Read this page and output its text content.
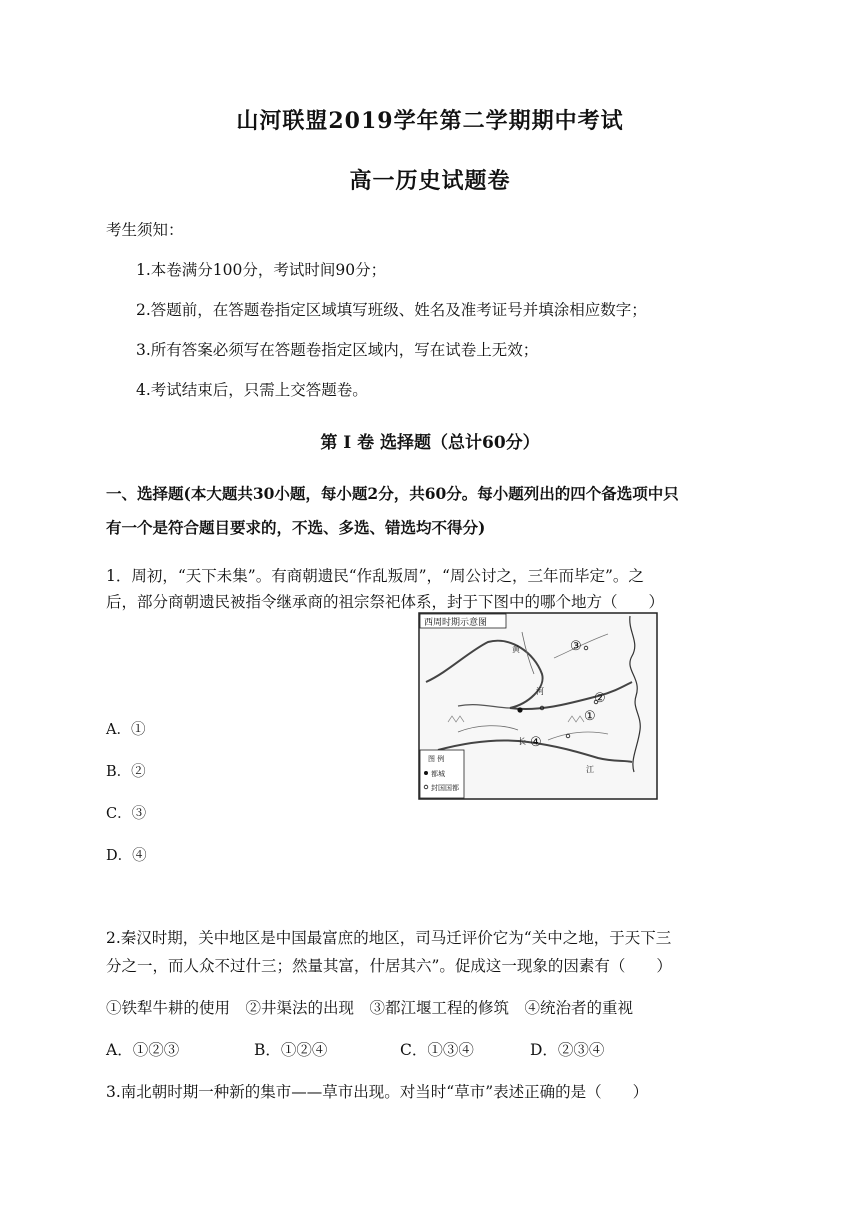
山河联盟2019学年第二学期期中考试
高一历史试题卷
考生须知：
1.本卷满分100分，考试时间90分；
2.答题前，在答题卷指定区域填写班级、姓名及准考证号并填涂相应数字；
3.所有答案必须写在答题卷指定区域内，写在试卷上无效；
4.考试结束后，只需上交答题卷。
第 I 卷 选择题（总计60分）
一、选择题(本大题共30小题，每小题2分，共60分。每小题列出的四个备选项中只
有一个是符合题目要求的，不选、多选、错选均不得分)
1．周初，“天下未集”。有商朝遗民“作乱叛周”，“周公讨之，三年而毕定”。之
后，部分商朝遗民被指令继承商的祖宗祭祀体系，封于下图中的哪个地方（　　）
西周时期示意图
黄
河
长
江
①
②
③
④
图 例
都城
封国国都
A．①
B．②
C．③
D．④
2.秦汉时期，关中地区是中国最富庶的地区，司马迁评价它为“关中之地，于天下三
分之一，而人众不过什三；然量其富，什居其六”。促成这一现象的因素有（　　）
①铁犁牛耕的使用　②井渠法的出现　③都江堰工程的修筑　④统治者的重视
A．①②③	B．①②④	C．①③④	D．②③④
3.南北朝时期一种新的集市——草市出现。对当时“草市”表述正确的是（　　）
